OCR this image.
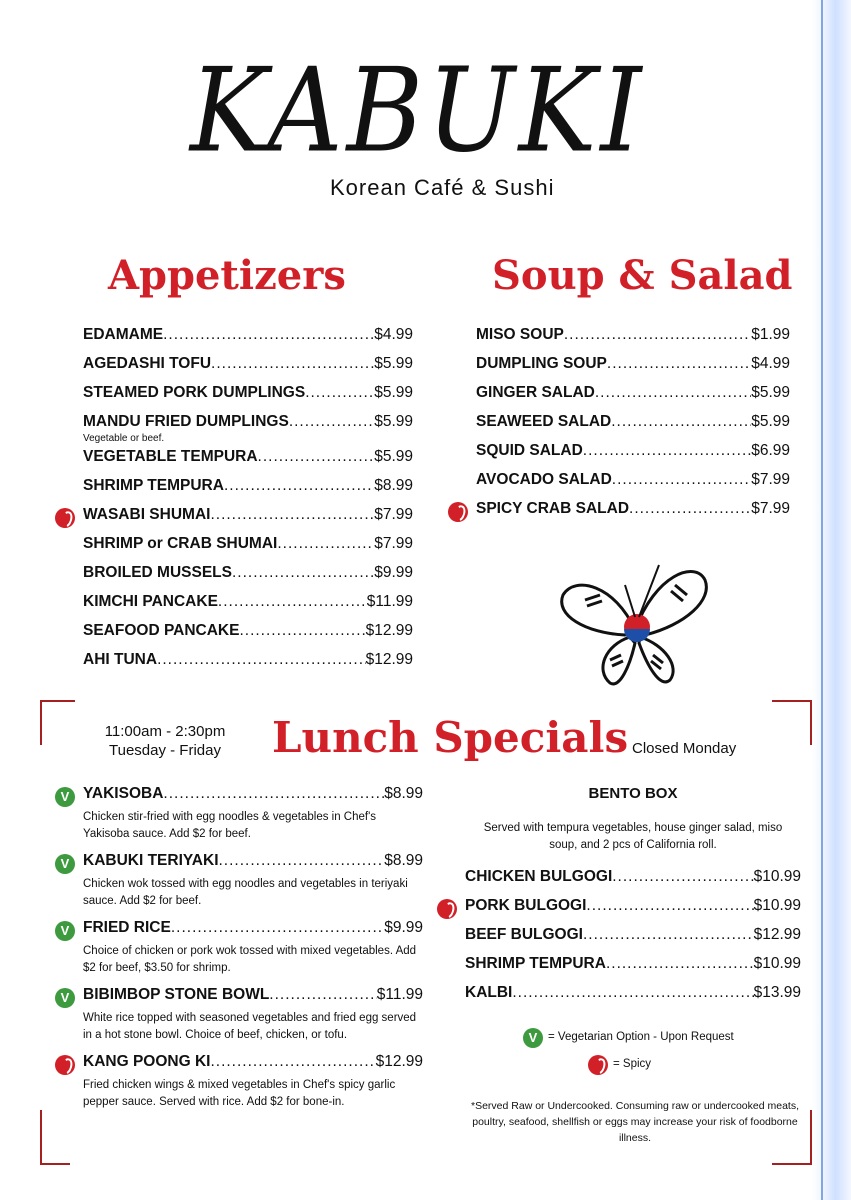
KABUKI
Korean Café & Sushi
Appetizers	Soup & Salad
EDAMAME .....	$4.99
AGEDASHI TOFU .....	$5.99
STEAMED PORK DUMPLINGS .....	$5.99
MANDU FRIED DUMPLINGS .....	$5.99
Vegetable or beef.
VEGETABLE TEMPURA .....	$5.99
SHRIMP TEMPURA .....	$8.99
WASABI SHUMAI .....	$7.99
SHRIMP or CRAB SHUMAI .....	$7.99
BROILED MUSSELS .....	$9.99
KIMCHI PANCAKE .....	$11.99
SEAFOOD PANCAKE .....	$12.99
AHI TUNA .....	$12.99
MISO SOUP .....	$1.99
DUMPLING SOUP .....	$4.99
GINGER SALAD .....	$5.99
SEAWEED SALAD .....	$5.99
SQUID SALAD .....	$6.99
AVOCADO SALAD .....	$7.99
SPICY CRAB SALAD .....	$7.99
11:00am - 2:30pm
Tuesday - Friday Lunch Specials Closed Monday
YAKISOBA .....	$8.99
V
Chicken stir-fried with egg noodles & vegetables in Chef's Yakisoba sauce. Add $2 for beef.
KABUKI TERIYAKI .....	$8.99
V
Chicken wok tossed with egg noodles and vegetables in teriyaki sauce. Add $2 for beef.
FRIED RICE .....	$9.99
V
Choice of chicken or pork wok tossed with mixed vegetables. Add $2 for beef, $3.50 for shrimp.
BIBIMBOP STONE BOWL .....	$11.99
V
White rice topped with seasoned vegetables and fried egg served in a hot stone bowl. Choice of beef, chicken, or tofu.
KANG POONG KI .....	$12.99
Fried chicken wings & mixed vegetables in Chef's spicy garlic pepper sauce. Served with rice. Add $2 for bone-in.
BENTO BOX
Served with tempura vegetables, house ginger salad, miso soup, and 2 pcs of California roll.
CHICKEN BULGOGI .....	$10.99
PORK BULGOGI .....	$10.99
BEEF BULGOGI .....	$12.99
SHRIMP TEMPURA .....	$10.99
KALBI .....	$13.99
V = Vegetarian Option - Upon Request
= Spicy
*Served Raw or Undercooked. Consuming raw or undercooked meats, poultry, seafood, shellfish or eggs may increase your risk of foodborne illness.
